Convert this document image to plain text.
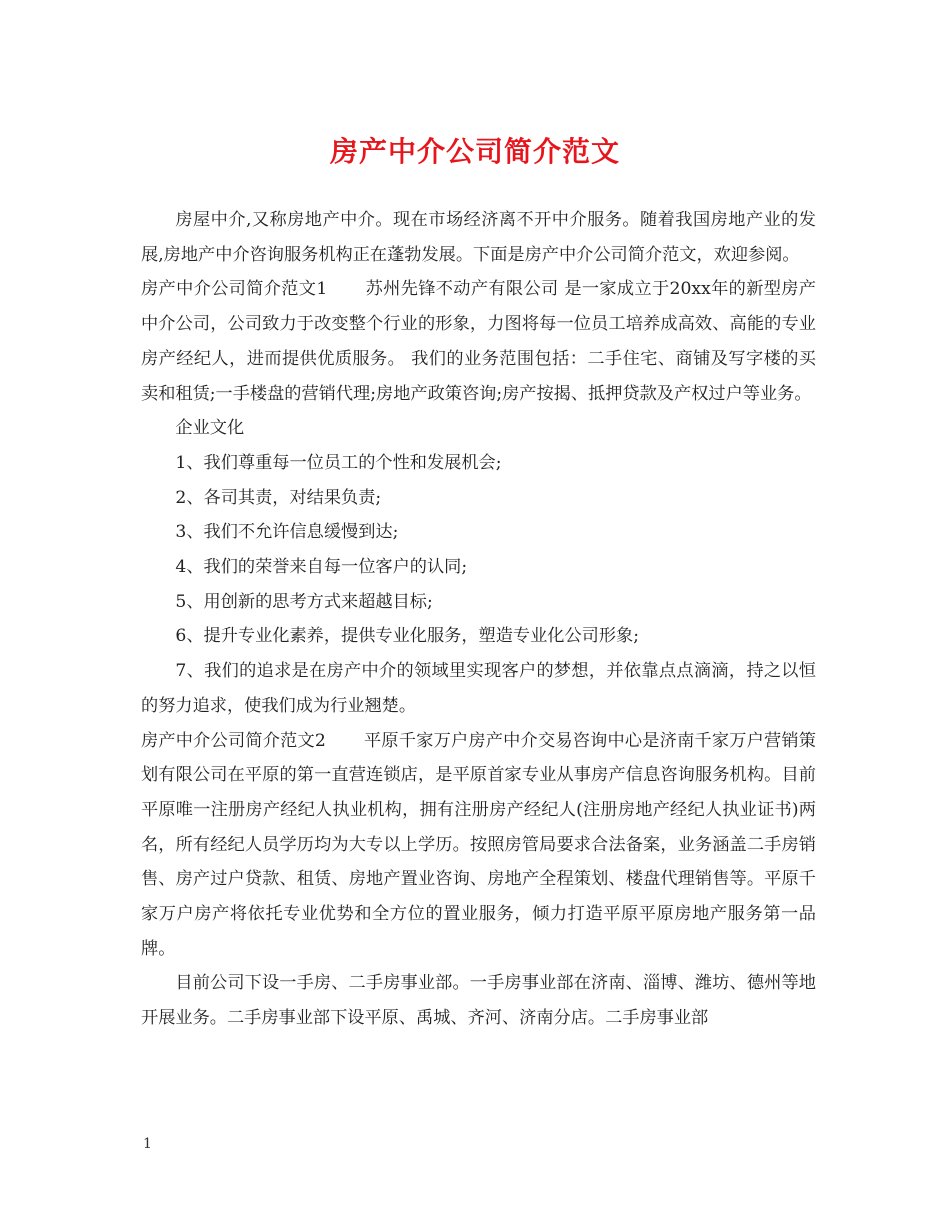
房产中介公司简介范文

房屋中介,又称房地产中介。现在市场经济离不开中介服务。随着我国房地产业的发展,房地产中介咨询服务机构正在蓬勃发展。下面是房产中介公司简介范文，欢迎参阅。

房产中介公司简介范文1 苏州先锋不动产有限公司 是一家成立于20xx年的新型房产中介公司，公司致力于改变整个行业的形象，力图将每一位员工培养成高效、高能的专业房产经纪人，进而提供优质服务。 我们的业务范围包括：二手住宅、商铺及写字楼的买卖和租赁;一手楼盘的营销代理;房地产政策咨询;房产按揭、抵押贷款及产权过户等业务。

企业文化

1、我们尊重每一位员工的个性和发展机会;

2、各司其责，对结果负责;

3、我们不允许信息缓慢到达;

4、我们的荣誉来自每一位客户的认同;

5、用创新的思考方式来超越目标;

6、提升专业化素养，提供专业化服务，塑造专业化公司形象;

7、我们的追求是在房产中介的领域里实现客户的梦想，并依靠点点滴滴，持之以恒的努力追求，使我们成为行业翘楚。

房产中介公司简介范文2 平原千家万户房产中介交易咨询中心是济南千家万户营销策划有限公司在平原的第一直营连锁店，是平原首家专业从事房产信息咨询服务机构。目前平原唯一注册房产经纪人执业机构，拥有注册房产经纪人(注册房地产经纪人执业证书)两名，所有经纪人员学历均为大专以上学历。按照房管局要求合法备案，业务涵盖二手房销售、房产过户贷款、租赁、房地产置业咨询、房地产全程策划、楼盘代理销售等。平原千家万户房产将依托专业优势和全方位的置业服务，倾力打造平原平原房地产服务第一品牌。

目前公司下设一手房、二手房事业部。一手房事业部在济南、淄博、潍坊、德州等地开展业务。二手房事业部下设平原、禹城、齐河、济南分店。二手房事业部

1
